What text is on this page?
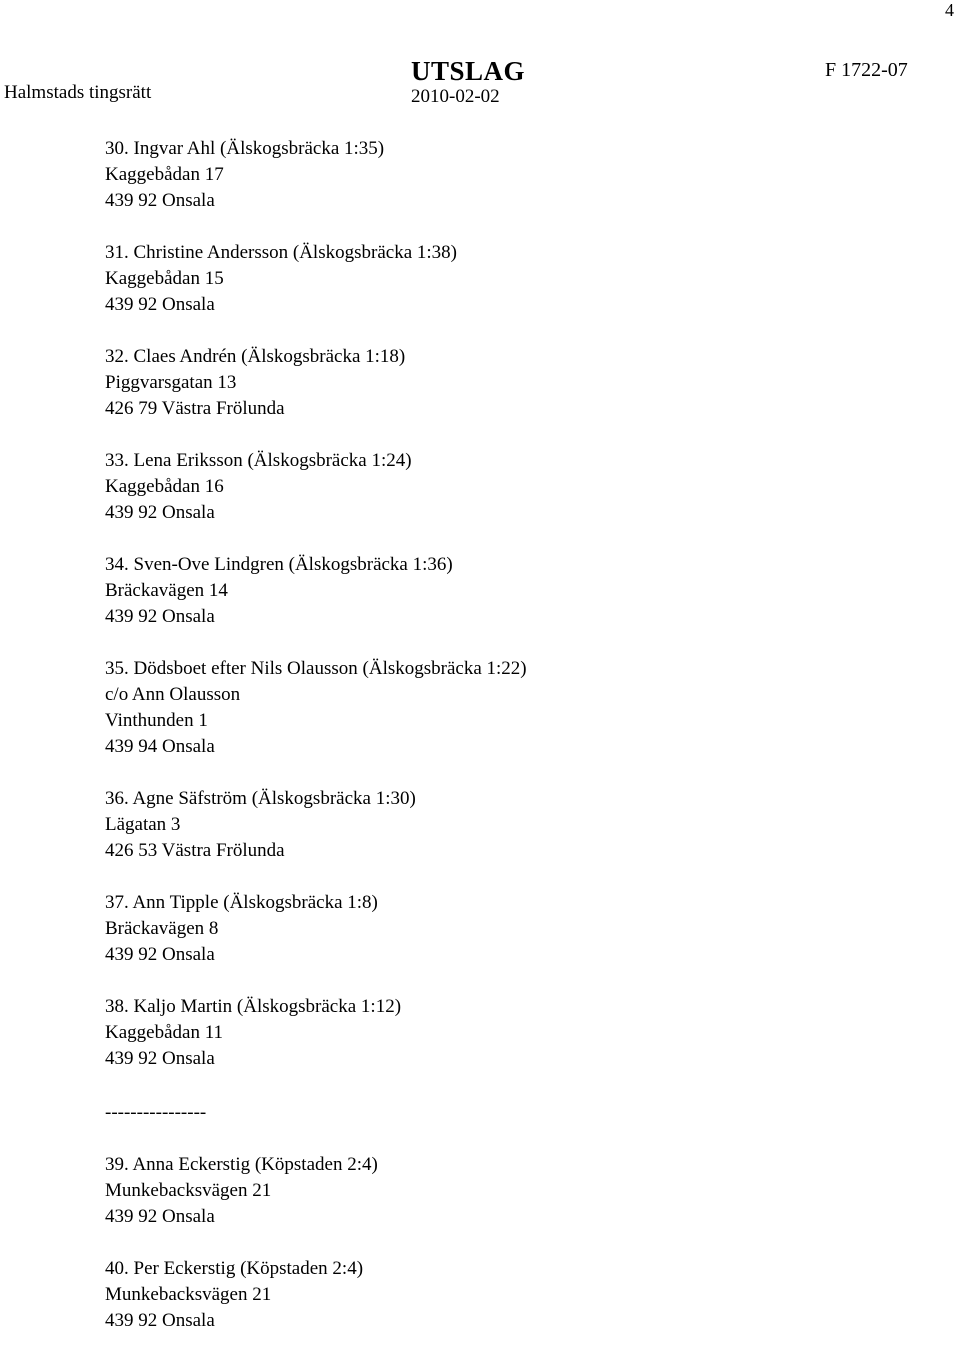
4
Halmstads tingsrätt
UTSLAG
2010-02-02
F 1722-07
30. Ingvar Ahl (Älskogsbräcka 1:35)
Kaggebådan 17
439 92 Onsala
31. Christine Andersson (Älskogsbräcka 1:38)
Kaggebådan 15
439 92 Onsala
32. Claes Andrén (Älskogsbräcka 1:18)
Piggvarsgatan 13
426 79 Västra Frölunda
33. Lena Eriksson (Älskogsbräcka 1:24)
Kaggebådan 16
439 92 Onsala
34. Sven-Ove Lindgren (Älskogsbräcka 1:36)
Bräckavägen 14
439 92 Onsala
35. Dödsboet efter Nils Olausson (Älskogsbräcka 1:22)
c/o Ann Olausson
Vinthunden 1
439 94 Onsala
36. Agne Säfström (Älskogsbräcka 1:30)
Lägatan 3
426 53 Västra Frölunda
37. Ann Tipple (Älskogsbräcka 1:8)
Bräckavägen 8
439 92 Onsala
38. Kaljo Martin (Älskogsbräcka 1:12)
Kaggebådan 11
439 92 Onsala
----------------
39. Anna Eckerstig (Köpstaden 2:4)
Munkebacksvägen 21
439 92 Onsala
40. Per Eckerstig (Köpstaden 2:4)
Munkebacksvägen 21
439 92 Onsala
